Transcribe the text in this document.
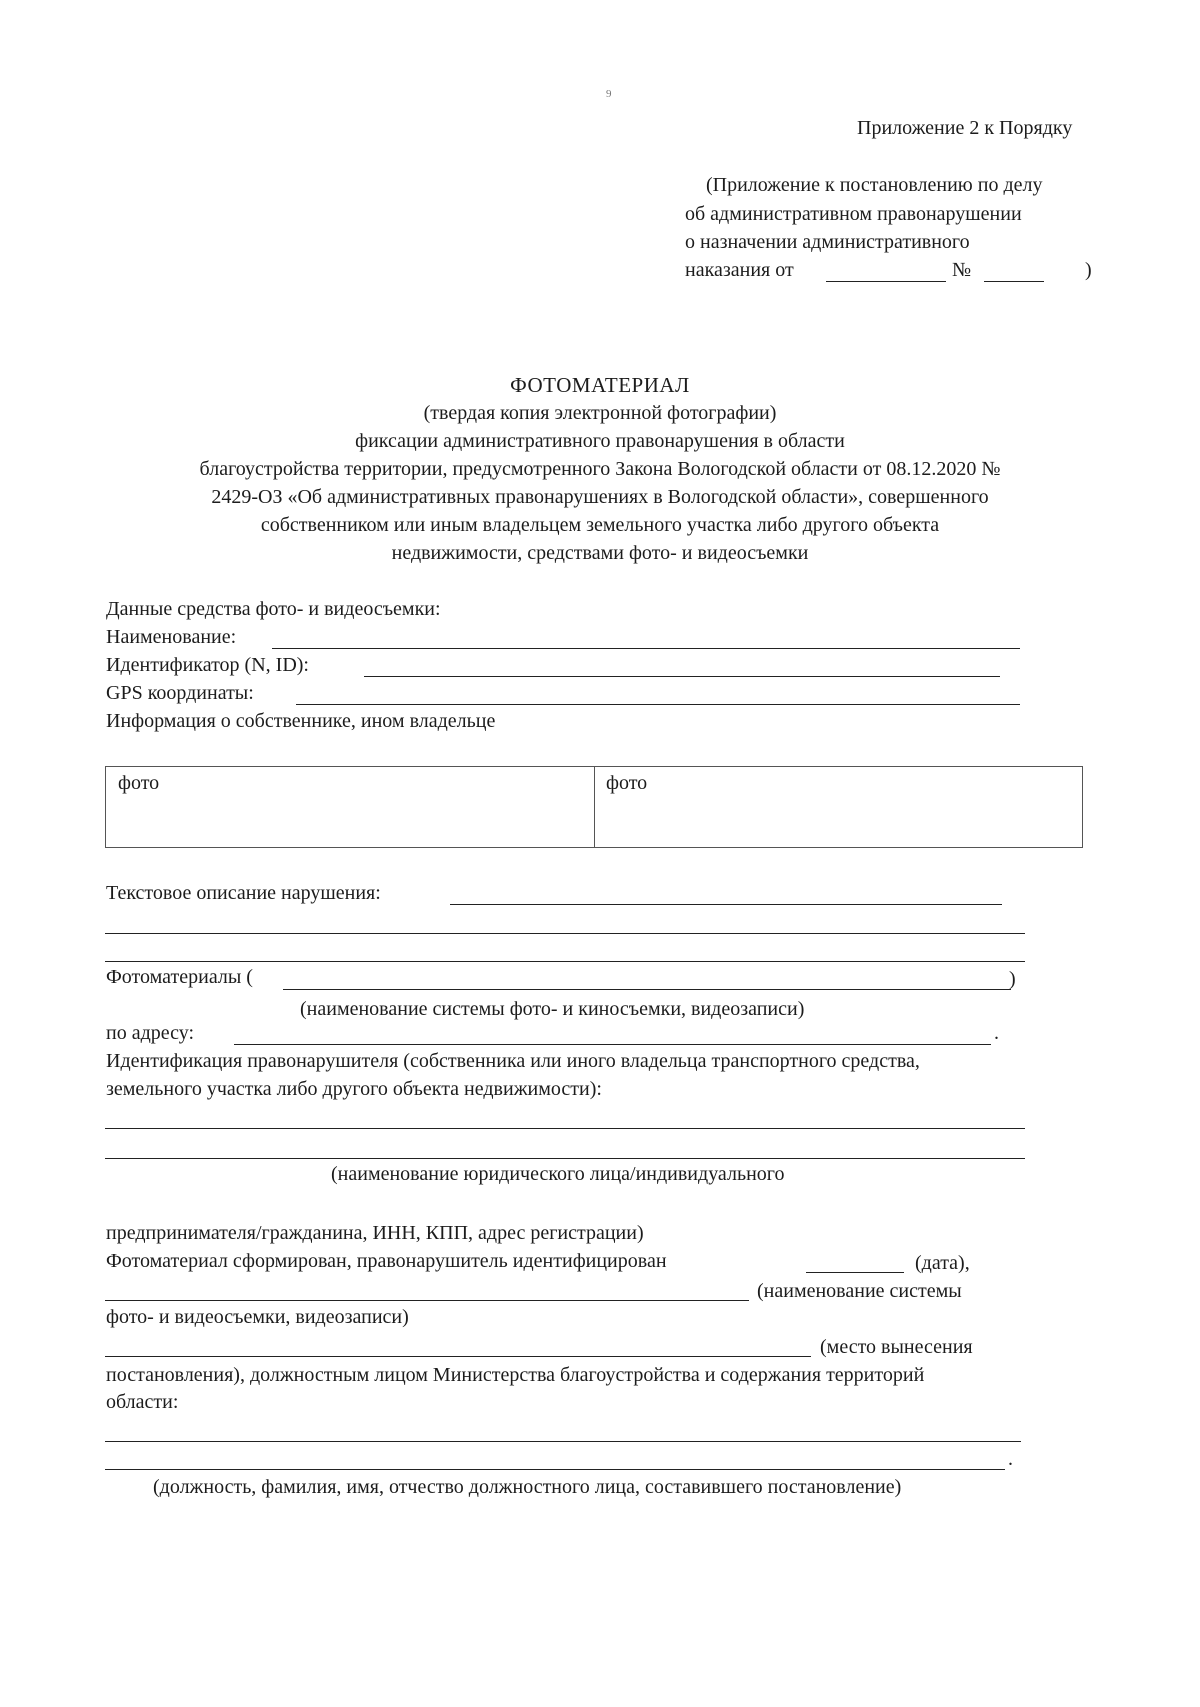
9
Приложение 2 к Порядку
(Приложение к постановлению по делу
об административном правонарушении
о назначении административного
наказания от	№	)
ФОТОМАТЕРИАЛ
(твердая копия электронной фотографии)
фиксации административного правонарушения в области
благоустройства территории, предусмотренного Закона Вологодской области от 08.12.2020 №
2429-ОЗ «Об административных правонарушениях в Вологодской области», совершенного
собственником или иным владельцем земельного участка либо другого объекта
недвижимости, средствами фото- и видеосъемки
Данные средства фото- и видеосъемки:
Наименование:
Идентификатор (N, ID):
GPS координаты:
Информация о собственнике, ином владельце
фото	фото
Текстовое описание нарушения:
Фотоматериалы (	)
(наименование системы фото- и киносъемки, видеозаписи)
по адресу:	.
Идентификация правонарушителя (собственника или иного владельца транспортного средства,
земельного участка либо другого объекта недвижимости):
(наименование юридического лица/индивидуального
предпринимателя/гражданина, ИНН, КПП, адрес регистрации)
Фотоматериал сформирован, правонарушитель идентифицирован	(дата),
(наименование системы
фото- и видеосъемки, видеозаписи)
(место вынесения
постановления), должностным лицом Министерства благоустройства и содержания территорий
области:
.
(должность, фамилия, имя, отчество должностного лица, составившего постановление)
